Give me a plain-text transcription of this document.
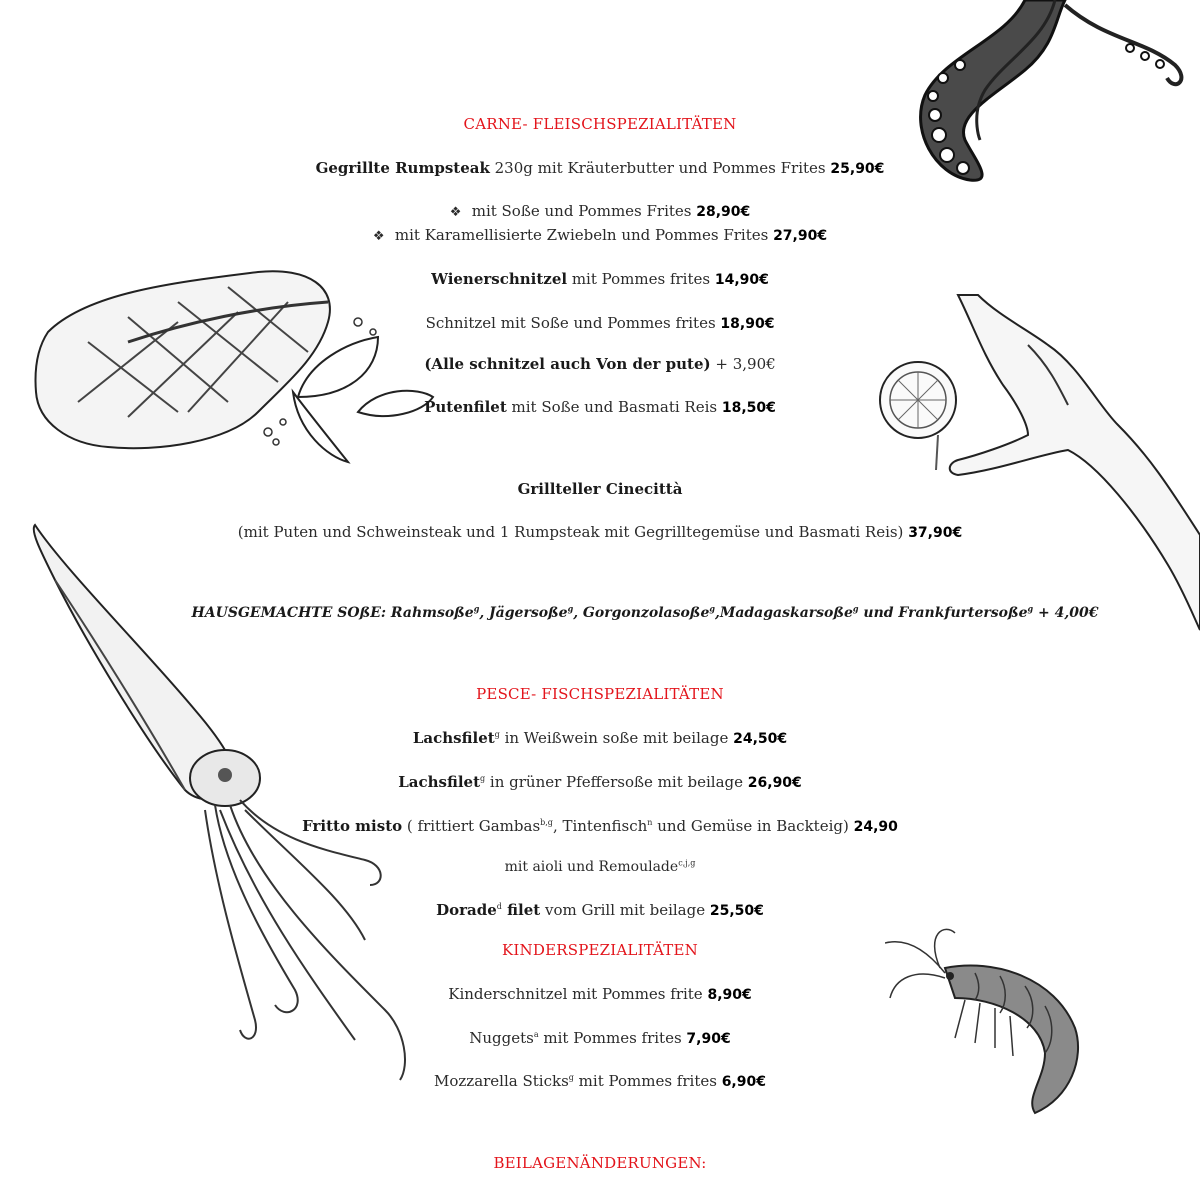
CARNE- FLEISCHSPEZIALITÄTEN
Gegrillte Rumpsteak 230g mit Kräuterbutter und Pommes Frites 25,90€
❖ mit Soße und Pommes Frites 28,90€
❖ mit Karamellisierte Zwiebeln und Pommes Frites 27,90€
Wienerschnitzel mit Pommes frites 14,90€
Schnitzel mit Soße und Pommes frites 18,90€
(Alle schnitzel auch Von der pute) + 3,90€
Putenfilet mit Soße und Basmati Reis 18,50€
Grillteller Cinecittà
(mit Puten und Schweinsteak und 1 Rumpsteak mit Gegrilltegemüse und Basmati Reis) 37,90€
HAUSGEMACHTE SOßE: Rahmsoße$^g$, Jägersoße$^g$, Gorgonzolasoße$^g$,Madagaskarsoße$^g$ und Frankfurtersoße$^g$ + 4,00€
PESCE- FISCHSPEZIALITÄTEN
Lachsfilet$^g$ in Weißwein soße mit beilage 24,50€
Lachsfilet$^g$ in grüner Pfeffersoße mit beilage 26,90€
Fritto misto ( frittiert Gambas$^{b,g}$, Tintenfisch$^n$ und Gemüse in Backteig) 24,90
mit aioli und Remoulade$^{c,j,g}$
Dorade$^d$ filet vom Grill mit beilage 25,50€
KINDERSPEZIALITÄTEN
Kinderschnitzel mit Pommes frite 8,90€
Nuggets$^a$ mit Pommes frites 7,90€
Mozzarella Sticks$^g$ mit Pommes frites 6,90€
BEILAGENÄNDERUNGEN:
